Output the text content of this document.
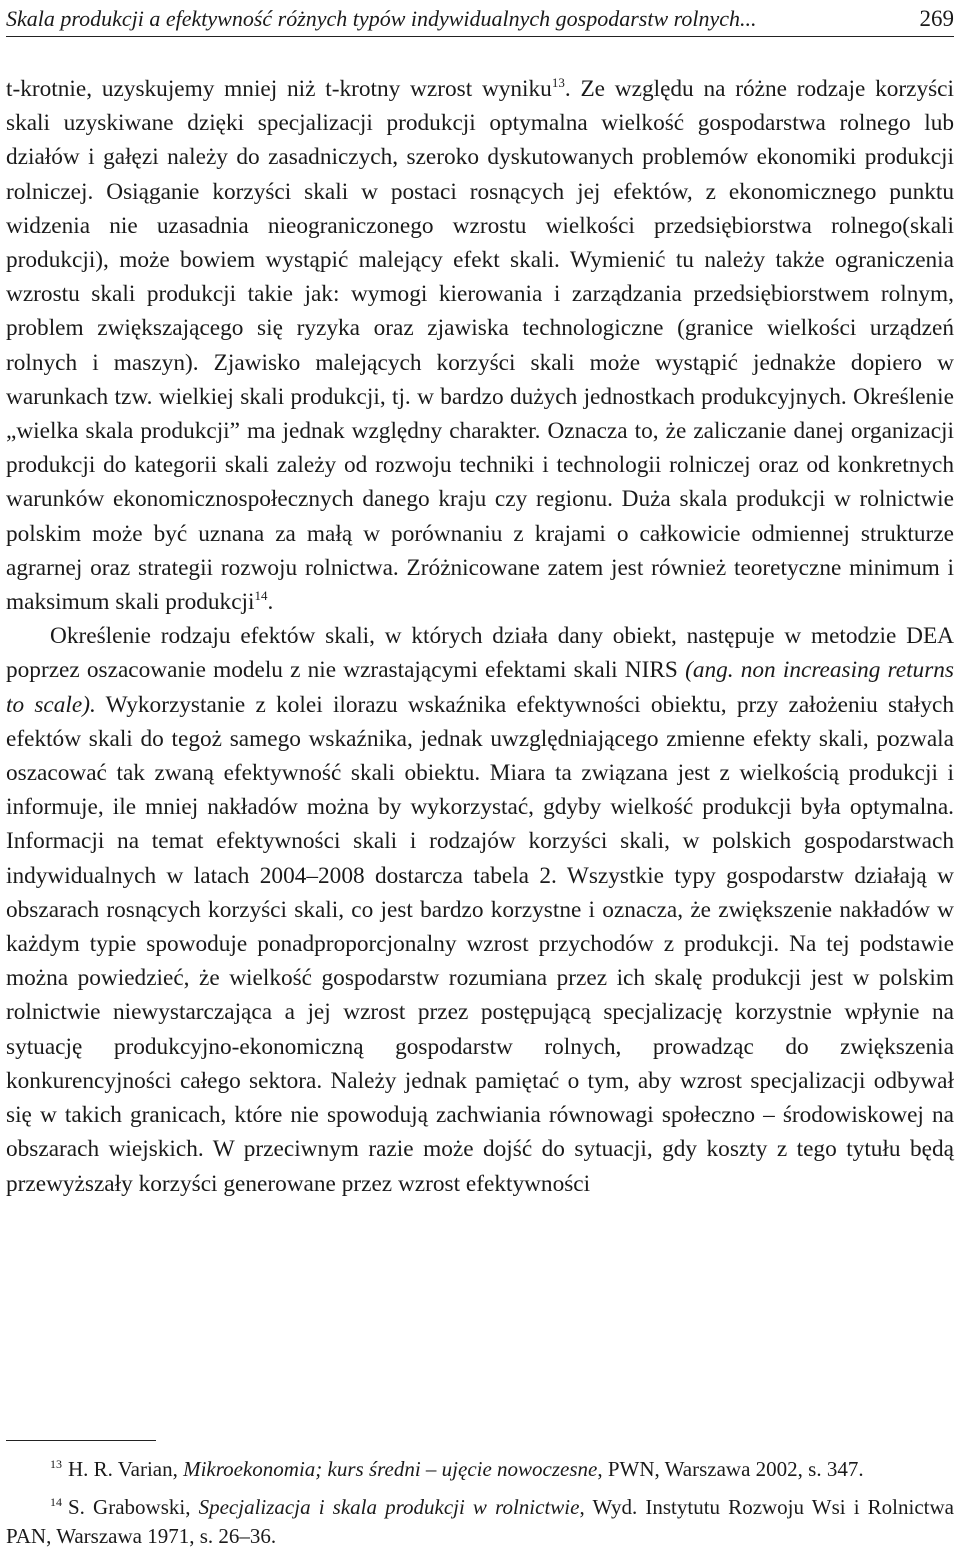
Skala produkcji a efektywność różnych typów indywidualnych gospodarstw rolnych...	269

t-krotnie, uzyskujemy mniej niż t-krotny wzrost wyniku$^{13}$. Ze względu na różne rodzaje korzyści skali uzyskiwane dzięki specjalizacji produkcji optymalna wielkość gospodarstwa rolnego lub działów i gałęzi należy do zasadniczych, szeroko dyskutowanych problemów ekonomiki produkcji rolniczej. Osiąganie korzyści skali w postaci rosnących jej efektów, z ekonomicznego punktu widzenia nie uzasadnia nieograniczonego wzrostu wielkości przedsiębiorstwa rolnego(skali produkcji), może bowiem wystąpić malejący efekt skali. Wymienić tu należy także ograniczenia wzrostu skali produkcji takie jak: wymogi kierowania i zarządzania przedsiębiorstwem rolnym, problem zwiększającego się ryzyka oraz zjawiska technologiczne (granice wielkości urządzeń rolnych i maszyn). Zjawisko malejących korzyści skali może wystąpić jednakże dopiero w warunkach tzw. wielkiej skali produkcji, tj. w bardzo dużych jednostkach produkcyjnych. Określenie „wielka skala produkcji” ma jednak względny charakter. Oznacza to, że zaliczanie danej organizacji produkcji do kategorii skali zależy od rozwoju techniki i technologii rolniczej oraz od konkretnych warunków ekonomicznospołecznych danego kraju czy regionu. Duża skala produkcji w rolnictwie polskim może być uznana za małą w porównaniu z krajami o całkowicie odmiennej strukturze agrarnej oraz strategii rozwoju rolnictwa. Zróżnicowane zatem jest również teoretyczne minimum i maksimum skali produkcji$^{14}$.

Określenie rodzaju efektów skali, w których działa dany obiekt, następuje w metodzie DEA poprzez oszacowanie modelu z nie wzrastającymi efektami skali NIRS (ang. non increasing returns to scale). Wykorzystanie z kolei ilorazu wskaźnika efektywności obiektu, przy założeniu stałych efektów skali do tegoż samego wskaźnika, jednak uwzględniającego zmienne efekty skali, pozwala oszacować tak zwaną efektywność skali obiektu. Miara ta związana jest z wielkością produkcji i informuje, ile mniej nakładów można by wykorzystać, gdyby wielkość produkcji była optymalna. Informacji na temat efektywności skali i rodzajów korzyści skali, w polskich gospodarstwach indywidualnych w latach 2004–2008 dostarcza tabela 2. Wszystkie typy gospodarstw działają w obszarach rosnących korzyści skali, co jest bardzo korzystne i oznacza, że zwiększenie nakładów w każdym typie spowoduje ponadproporcjonalny wzrost przychodów z produkcji. Na tej podstawie można powiedzieć, że wielkość gospodarstw rozumiana przez ich skalę produkcji jest w polskim rolnictwie niewystarczająca a jej wzrost przez postępującą specjalizację korzystnie wpłynie na sytuację produkcyjno-ekonomiczną gospodarstw rolnych, prowadząc do zwiększenia konkurencyjności całego sektora. Należy jednak pamiętać o tym, aby wzrost specjalizacji odbywał się w takich granicach, które nie spowodują zachwiania równowagi społeczno – środowiskowej na obszarach wiejskich. W przeciwnym razie może dojść do sytuacji, gdy koszty z tego tytułu będą przewyższały korzyści generowane przez wzrost efektywności

$^{13}$ H. R. Varian, Mikroekonomia; kurs średni – ujęcie nowoczesne, PWN, Warszawa 2002, s. 347.

$^{14}$ S. Grabowski, Specjalizacja i skala produkcji w rolnictwie, Wyd. Instytutu Rozwoju Wsi i Rolnictwa PAN, Warszawa 1971, s. 26–36.
